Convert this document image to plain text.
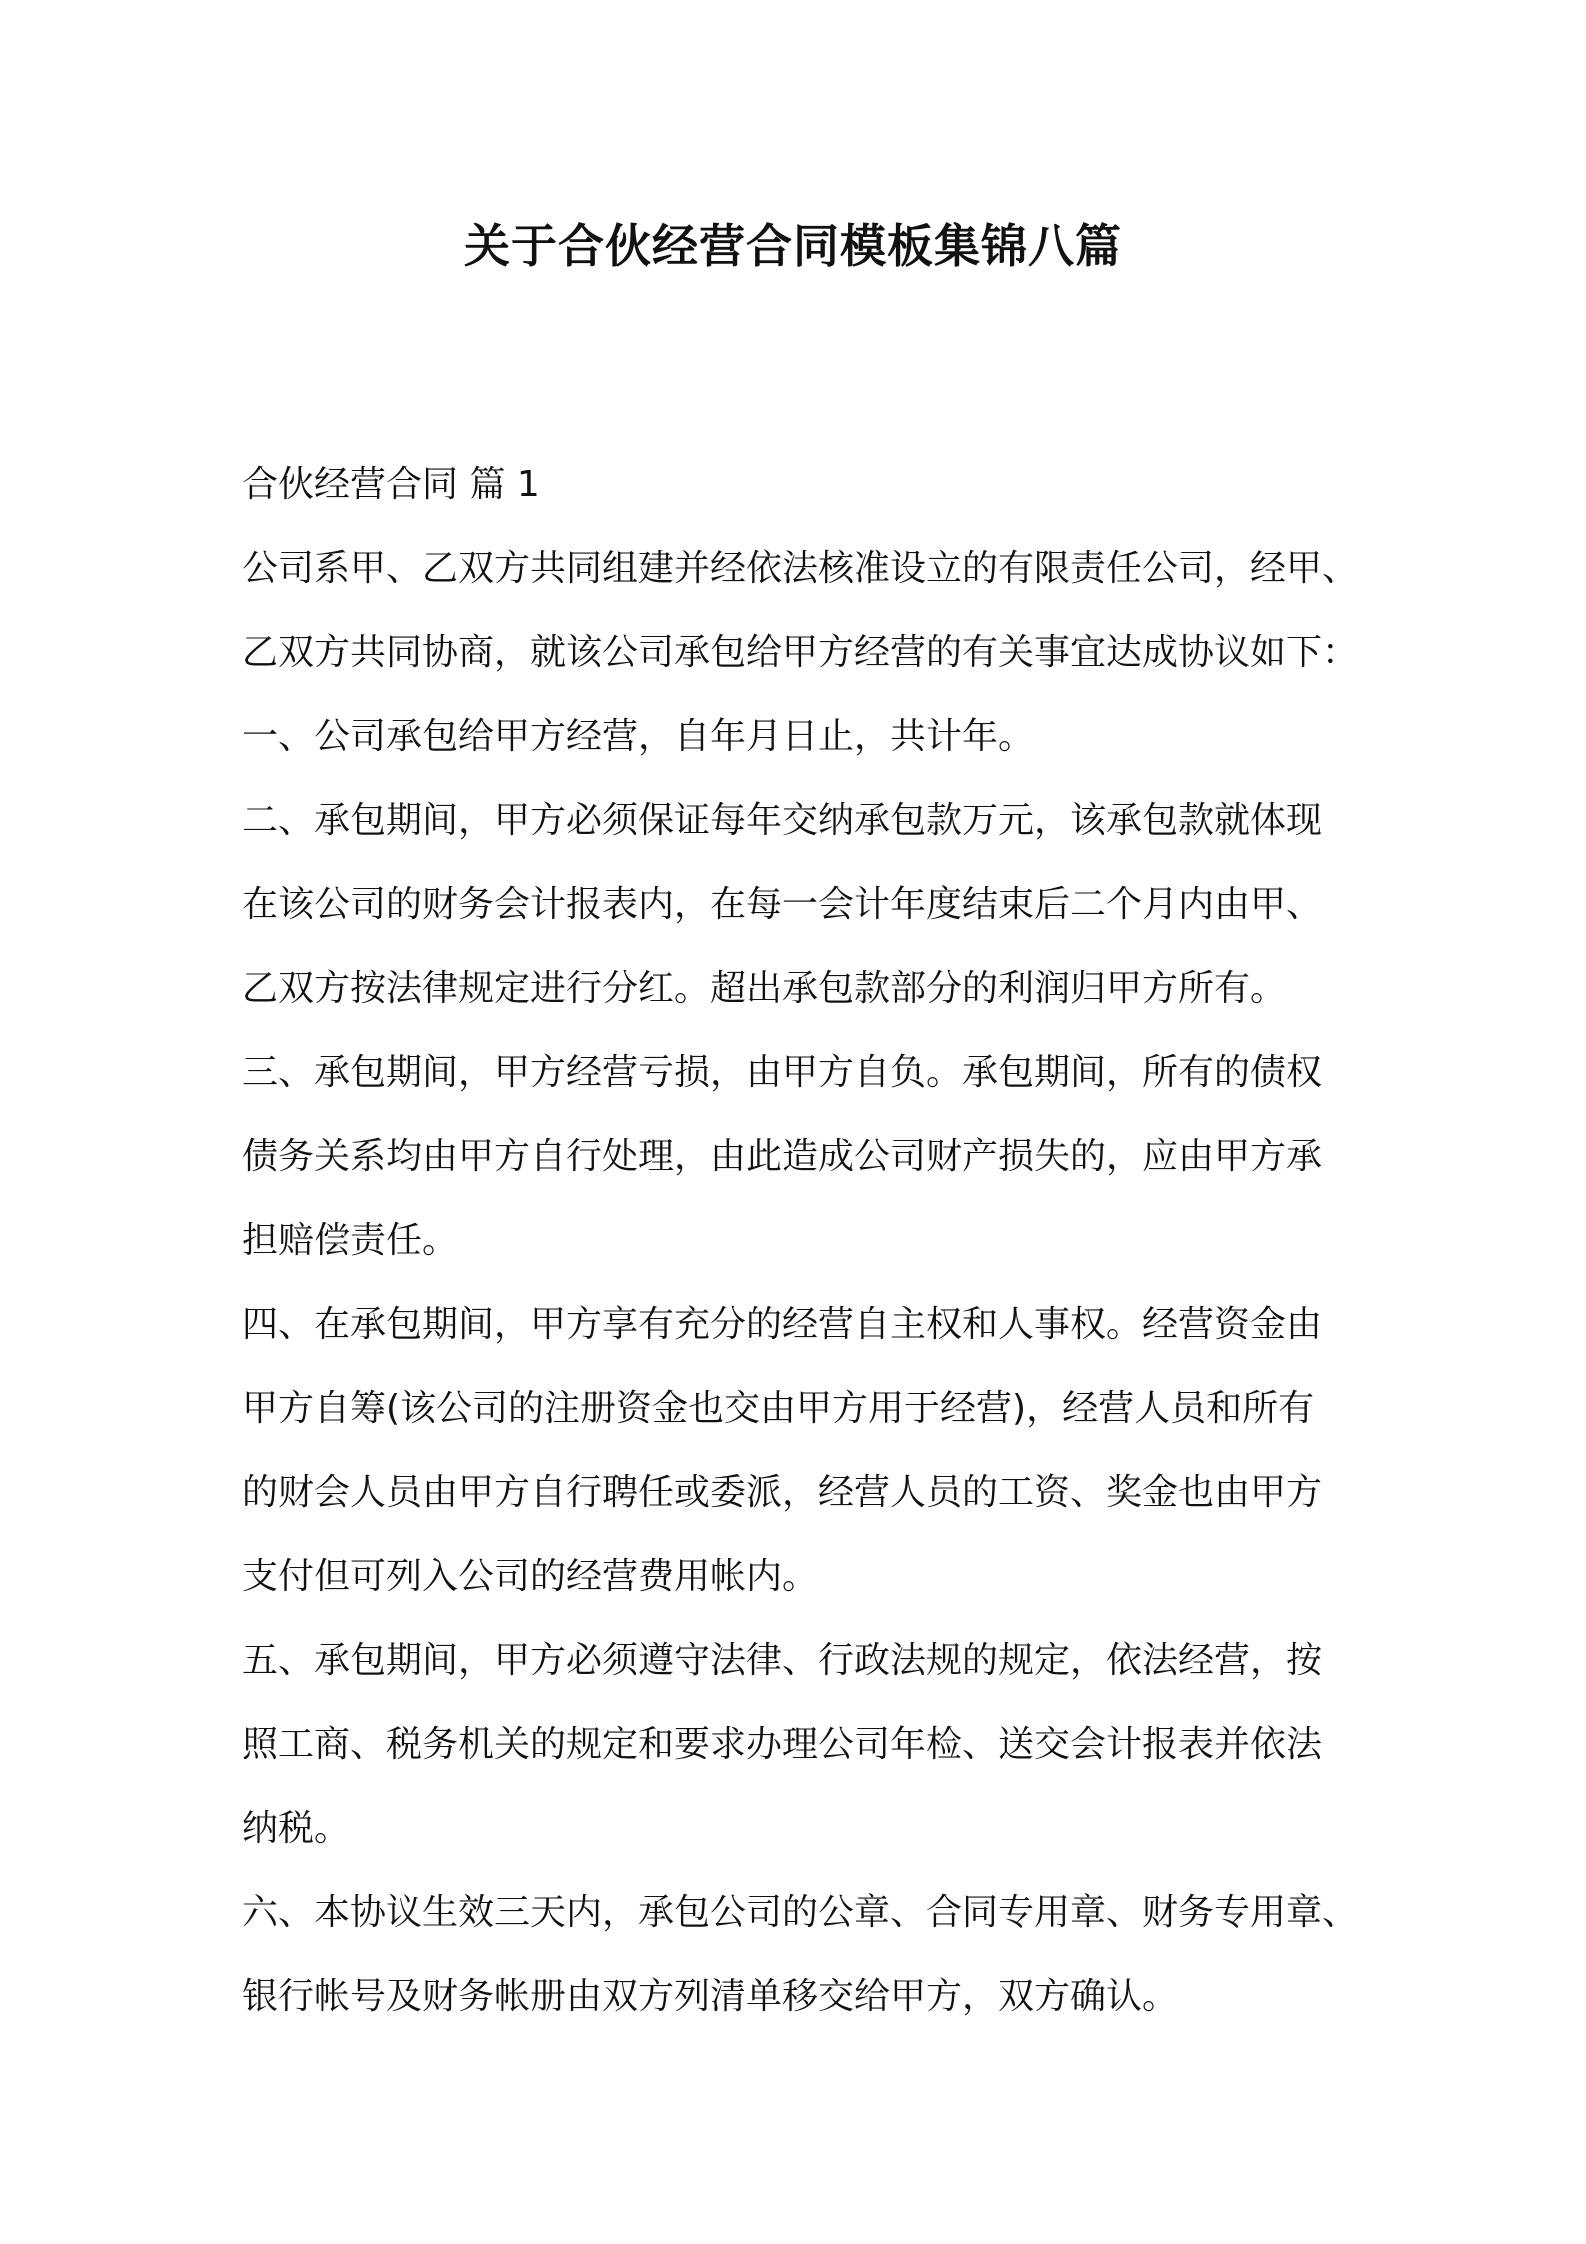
关于合伙经营合同模板集锦八篇
合伙经营合同 篇 1

公司系甲、乙双方共同组建并经依法核准设立的有限责任公司，经甲、
乙双方共同协商，就该公司承包给甲方经营的有关事宜达成协议如下：

一、公司承包给甲方经营，自年月日止，共计年。

二、承包期间，甲方必须保证每年交纳承包款万元，该承包款就体现
在该公司的财务会计报表内，在每一会计年度结束后二个月内由甲、
乙双方按法律规定进行分红。超出承包款部分的利润归甲方所有。

三、承包期间，甲方经营亏损，由甲方自负。承包期间，所有的债权
债务关系均由甲方自行处理，由此造成公司财产损失的，应由甲方承
担赔偿责任。

四、在承包期间，甲方享有充分的经营自主权和人事权。经营资金由
甲方自筹(该公司的注册资金也交由甲方用于经营)，经营人员和所有
的财会人员由甲方自行聘任或委派，经营人员的工资、奖金也由甲方
支付但可列入公司的经营费用帐内。

五、承包期间，甲方必须遵守法律、行政法规的规定，依法经营，按
照工商、税务机关的规定和要求办理公司年检、送交会计报表并依法
纳税。

六、本协议生效三天内，承包公司的公章、合同专用章、财务专用章、
银行帐号及财务帐册由双方列清单移交给甲方，双方确认。
